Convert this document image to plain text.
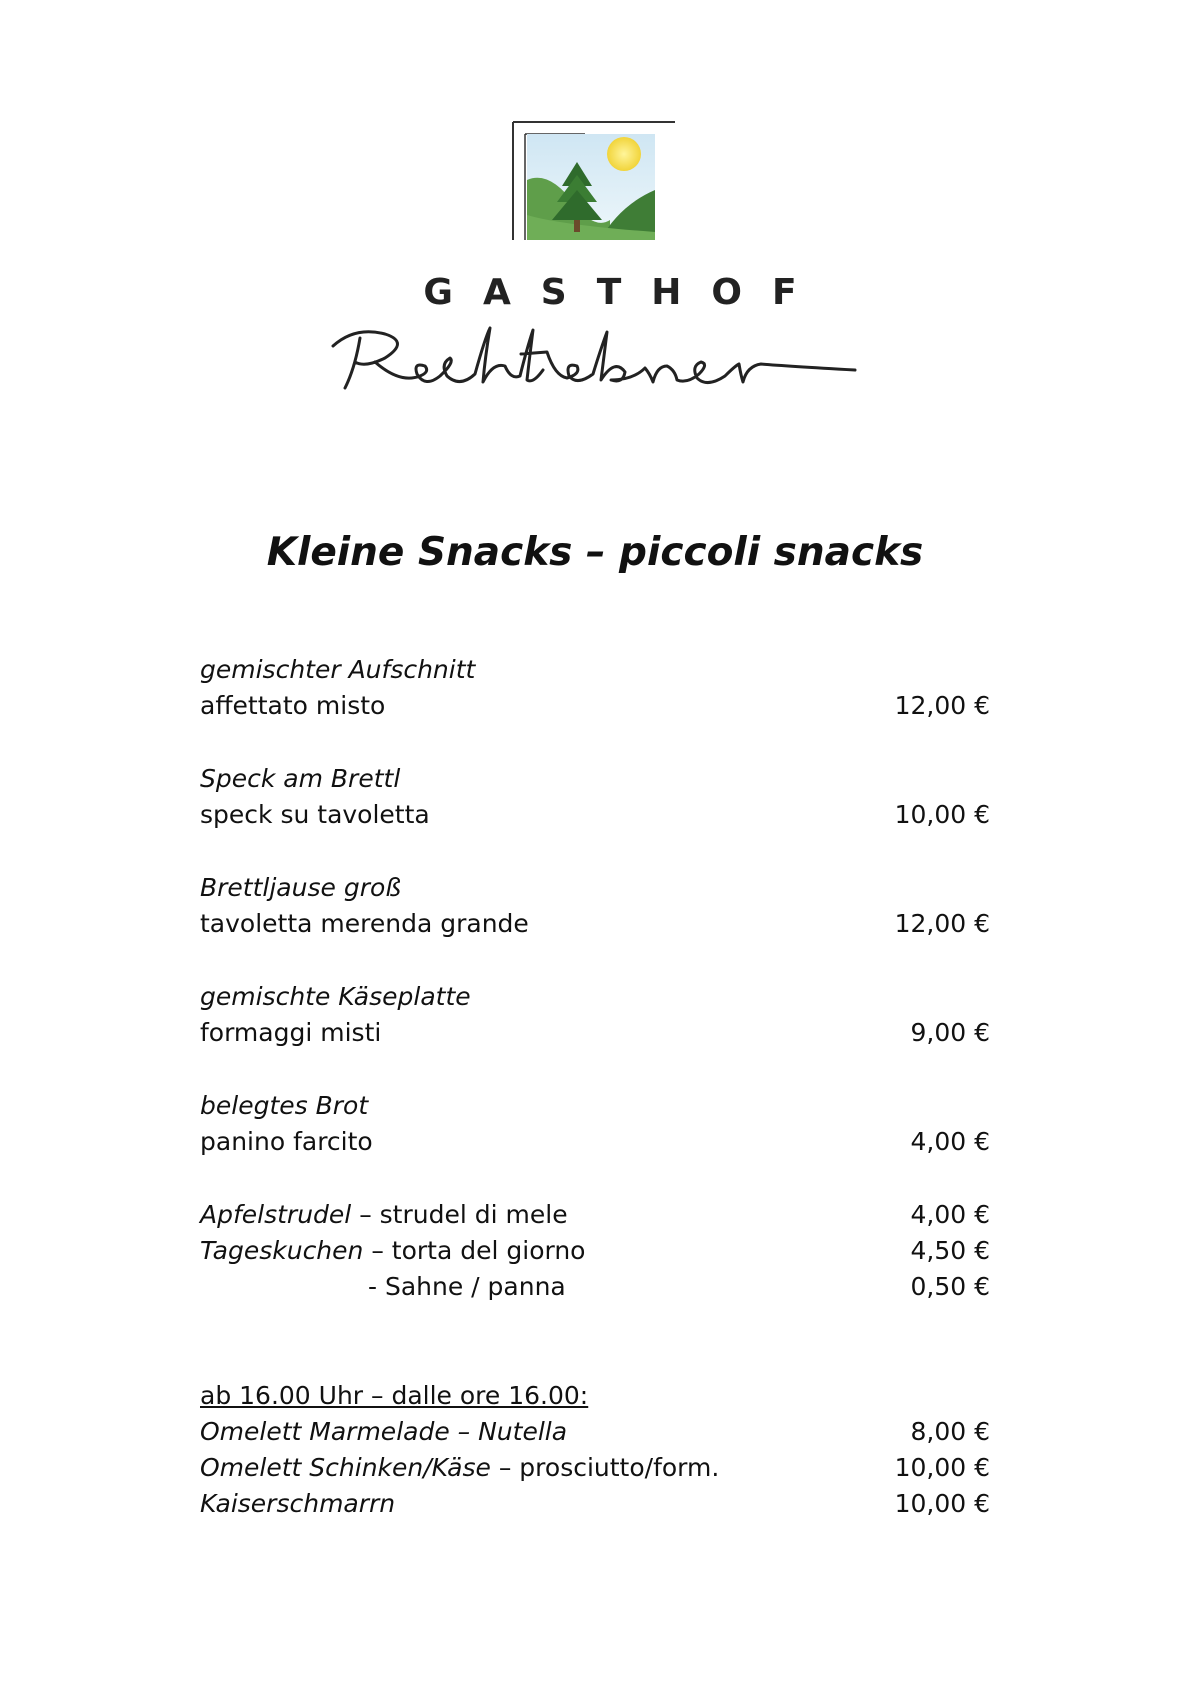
GASTHOF
Kleine Snacks – piccoli snacks
gemischter Aufschnitt
affettato misto	12,00 €
Speck am Brettl
speck su tavoletta	10,00 €
Brettljause groß
tavoletta merenda grande	12,00 €
gemischte Käseplatte
formaggi misti	9,00 €
belegtes Brot
panino farcito	4,00 €
Apfelstrudel – strudel di mele	4,00 €
Tageskuchen – torta del giorno	4,50 €
- Sahne / panna	0,50 €
ab 16.00 Uhr – dalle ore 16.00:
Omelett Marmelade – Nutella	8,00 €
Omelett Schinken/Käse – prosciutto/form.	10,00 €
Kaiserschmarrn	10,00 €
